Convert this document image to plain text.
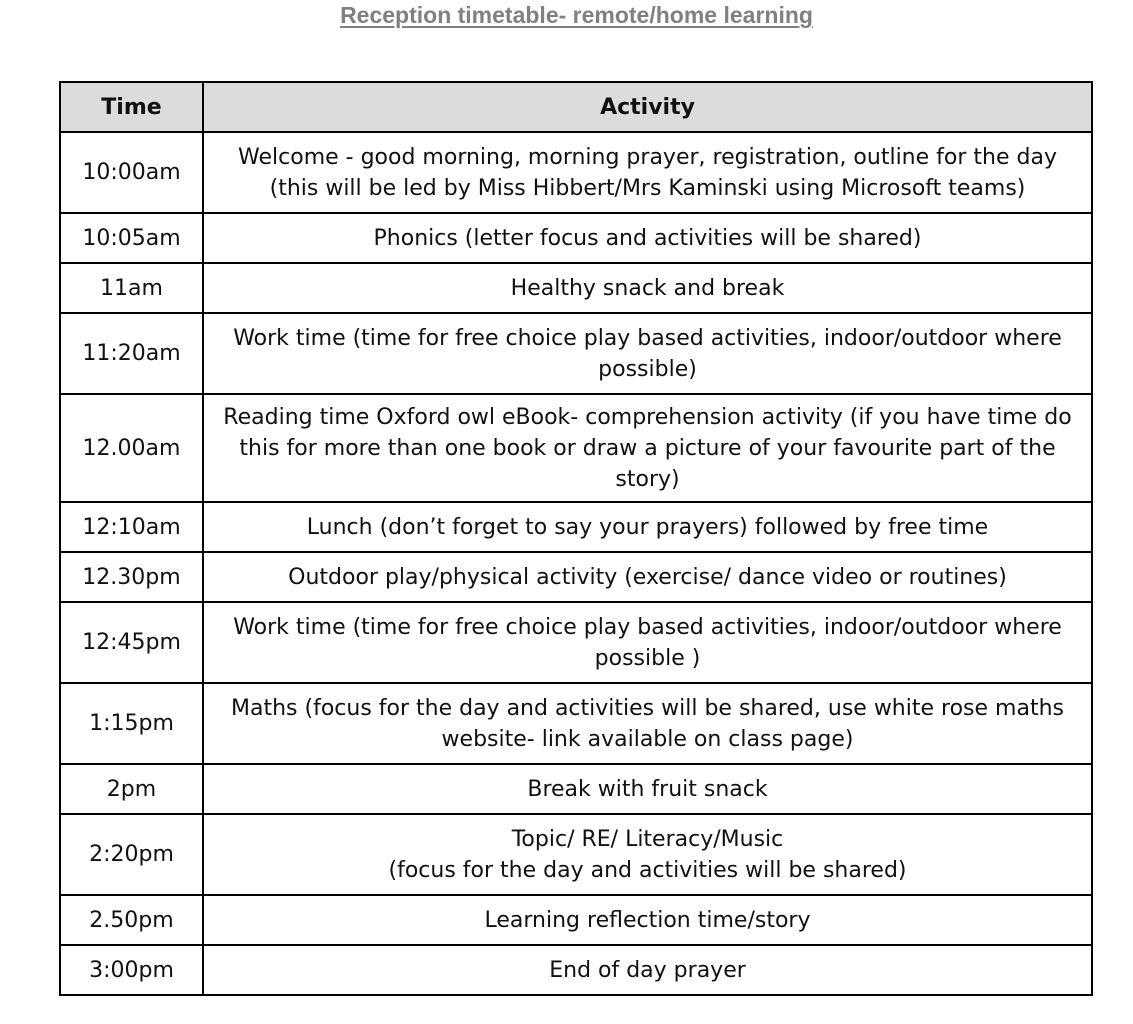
Reception timetable- remote/home learning
Time	Activity
10:00am	Welcome - good morning, morning prayer, registration, outline for the day
(this will be led by Miss Hibbert/Mrs Kaminski using Microsoft teams)

10:05am	Phonics (letter focus and activities will be shared)

11am	Healthy snack and break

11:20am	Work time (time for free choice play based activities, indoor/outdoor where
possible)

12.00am	Reading time Oxford owl eBook- comprehension activity (if you have time do
this for more than one book or draw a picture of your favourite part of the
story)

12:10am	Lunch (don’t forget to say your prayers) followed by free time

12.30pm	Outdoor play/physical activity (exercise/ dance video or routines)

12:45pm	Work time (time for free choice play based activities, indoor/outdoor where
possible )

1:15pm	Maths (focus for the day and activities will be shared, use white rose maths
website- link available on class page)

2pm	Break with fruit snack

2:20pm	Topic/ RE/ Literacy/Music
(focus for the day and activities will be shared)

2.50pm	Learning reflection time/story

3:00pm	End of day prayer
